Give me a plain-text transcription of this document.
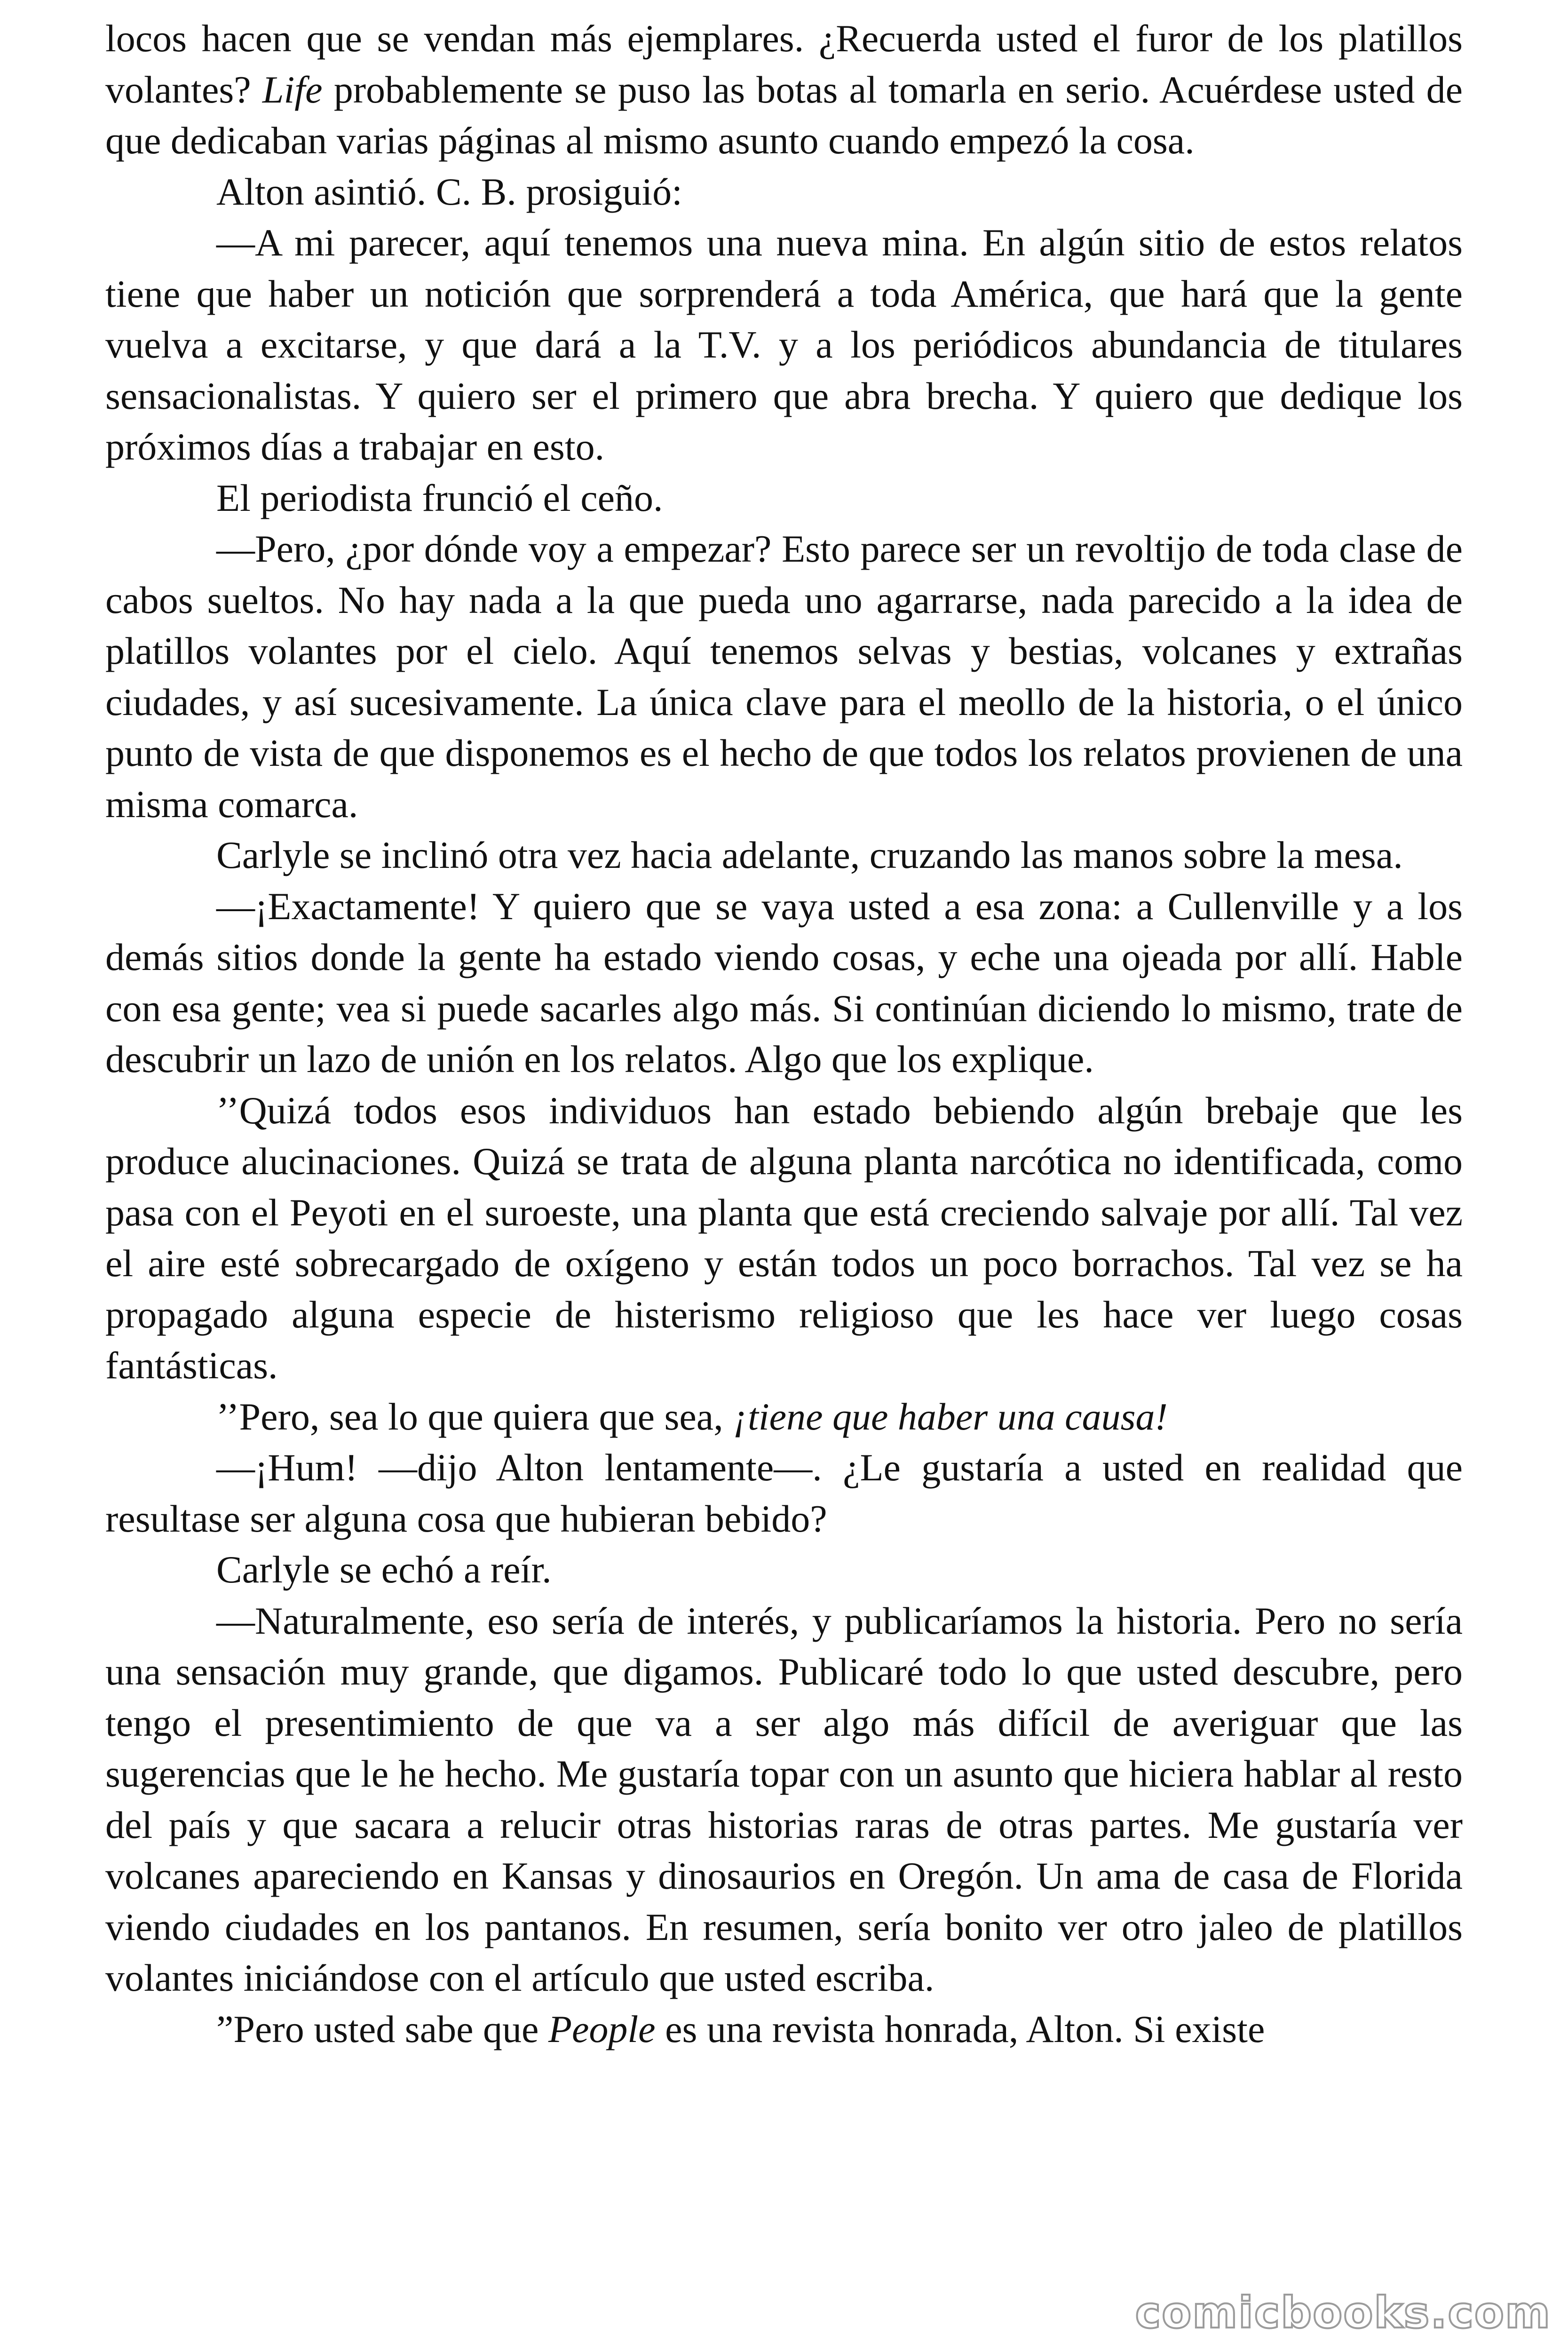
locos hacen que se vendan más ejemplares. ¿Recuerda usted el furor de los platillos volantes? Life probablemente se puso las botas al tomarla en serio. Acuérdese usted de que dedicaban varias páginas al mismo asunto cuando empezó la cosa.

Alton asintió. C. B. prosiguió:

—A mi parecer, aquí tenemos una nueva mina. En algún sitio de estos relatos tiene que haber un notición que sorprenderá a toda América, que hará que la gente vuelva a excitarse, y que dará a la T.V. y a los periódicos abundancia de titulares sensacionalistas. Y quiero ser el primero que abra brecha. Y quiero que dedique los próximos días a trabajar en esto.

El periodista frunció el ceño.

—Pero, ¿por dónde voy a empezar? Esto parece ser un revoltijo de toda clase de cabos sueltos. No hay nada a la que pueda uno agarrarse, nada parecido a la idea de platillos volantes por el cielo. Aquí tenemos selvas y bestias, volcanes y extrañas ciudades, y así sucesivamente. La única clave para el meollo de la historia, o el único punto de vista de que disponemos es el hecho de que todos los relatos provienen de una misma comarca.

Carlyle se inclinó otra vez hacia adelante, cruzando las manos sobre la mesa.

—¡Exactamente! Y quiero que se vaya usted a esa zona: a Cullenville y a los demás sitios donde la gente ha estado viendo cosas, y eche una ojeada por allí. Hable con esa gente; vea si puede sacarles algo más. Si continúan diciendo lo mismo, trate de descubrir un lazo de unión en los relatos. Algo que los explique.

’’Quizá todos esos individuos han estado bebiendo algún brebaje que les produce alucinaciones. Quizá se trata de alguna planta narcótica no identificada, como pasa con el Peyoti en el suroeste, una planta que está creciendo salvaje por allí. Tal vez el aire esté sobrecargado de oxígeno y están todos un poco borrachos. Tal vez se ha propagado alguna especie de histerismo religioso que les hace ver luego cosas fantásticas.

’’Pero, sea lo que quiera que sea, ¡tiene que haber una causa!

—¡Hum! —dijo Alton lentamente—. ¿Le gustaría a usted en realidad que resultase ser alguna cosa que hubieran bebido?

Carlyle se echó a reír.

—Naturalmente, eso sería de interés, y publicaríamos la historia. Pero no sería una sensación muy grande, que digamos. Publicaré todo lo que usted descubre, pero tengo el presentimiento de que va a ser algo más difícil de averiguar que las sugerencias que le he hecho. Me gustaría topar con un asunto que hiciera hablar al resto del país y que sacara a relucir otras historias raras de otras partes. Me gustaría ver volcanes apareciendo en Kansas y dinosaurios en Oregón. Un ama de casa de Florida viendo ciudades en los pantanos. En resumen, sería bonito ver otro jaleo de platillos volantes iniciándose con el artículo que usted escriba.

”Pero usted sabe que People es una revista honrada, Alton. Si existe

comicbooks.com
